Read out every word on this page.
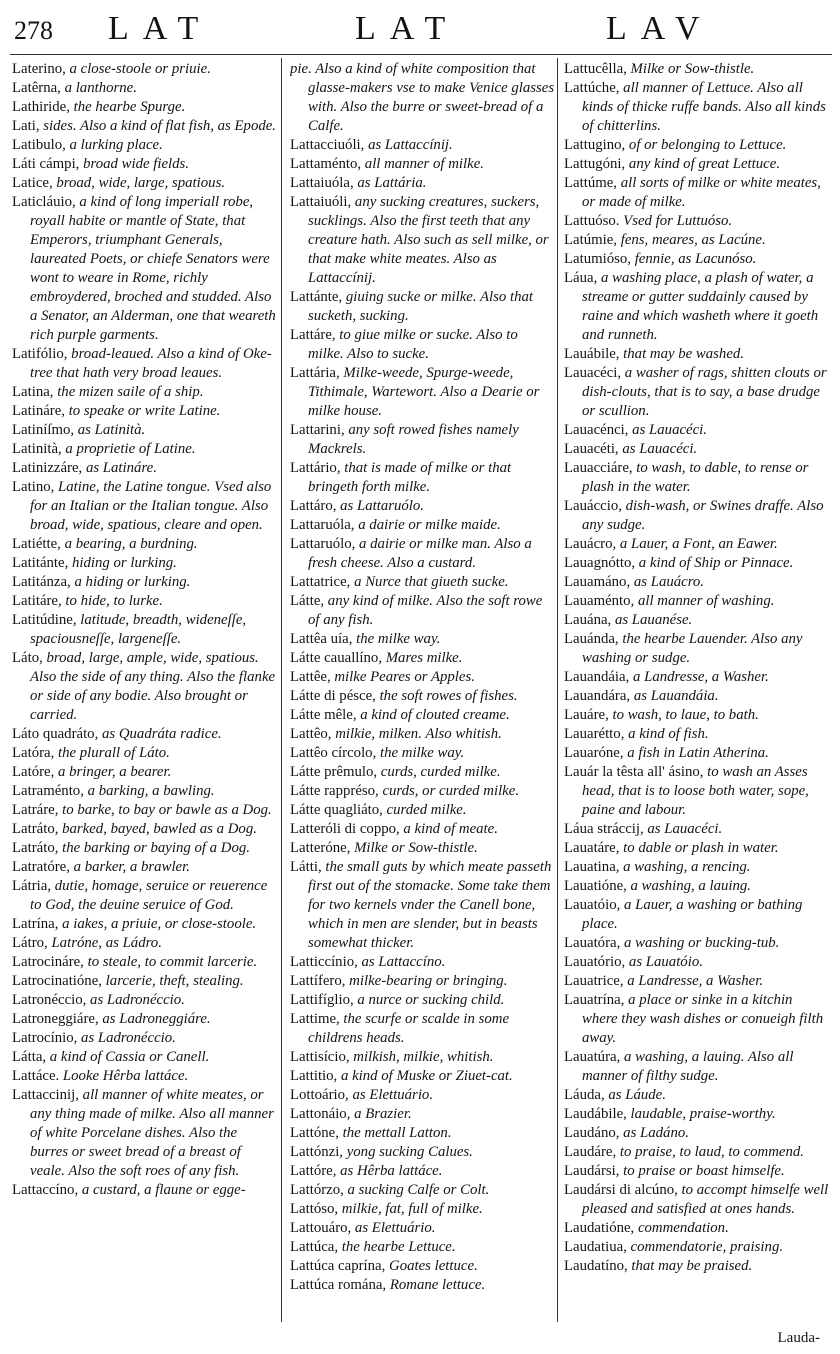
278 LAT	LAT	LAV

Laterino, a close-stoole or priuie.

Latêrna, a lanthorne.

Lathiride, the hearbe Spurge.

Lati, sides. Also a kind of flat fish, as Epode.

Latibulo, a lurking place.

Láti cámpi, broad wide fields.

Latice, broad, wide, large, spatious.

Laticláuio, a kind of long imperiall robe, royall habite or mantle of State, that Emperors, triumphant Generals, laureated Poets, or chiefe Senators were wont to weare in Rome, richly embroydered, broched and studded. Also a Senator, an Alderman, one that weareth rich purple garments.

Latifólio, broad-leaued. Also a kind of Oke-tree that hath very broad leaues.

Latina, the mizen saile of a ship.

Latináre, to speake or write Latine.

Latiníſmo, as Latinità.

Latinità, a proprietie of Latine.

Latinizzáre, as Latináre.

Latino, Latine, the Latine tongue. Vsed also for an Italian or the Italian tongue. Also broad, wide, spatious, cleare and open.

Latiétte, a bearing, a burdning.

Latitánte, hiding or lurking.

Latitánza, a hiding or lurking.

Latitáre, to hide, to lurke.

Latitúdine, latitude, breadth, wideneſſe, spaciousneſſe, largeneſſe.

Láto, broad, large, ample, wide, spatious. Also the side of any thing. Also the flanke or side of any bodie. Also brought or carried.

Láto quadráto, as Quadráta radice.

Latóra, the plurall of Láto.

Latóre, a bringer, a bearer.

Latraménto, a barking, a bawling.

Latráre, to barke, to bay or bawle as a Dog.

Latráto, barked, bayed, bawled as a Dog.

Latráto, the barking or baying of a Dog.

Latratóre, a barker, a brawler.

Látria, dutie, homage, seruice or reuerence to God, the deuine seruice of God.

Latrína, a iakes, a priuie, or close-stoole.

Látro, Latróne, as Ládro.

Latrocináre, to steale, to commit larcerie.

Latrocinatióne, larcerie, theft, stealing.

Latronéccio, as Ladronéccio.

Latroneggiáre, as Ladroneggiáre.

Latrocínio, as Ladronéccio.

Látta, a kind of Cassia or Canell.

Lattáce. Looke Hêrba lattáce.

Lattaccinij, all manner of white meates, or any thing made of milke. Also all manner of white Porcelane dishes. Also the burres or sweet bread of a breast of veale. Also the soft roes of any fish.

Lattaccíno, a custard, a flaune or egge-

pie. Also a kind of white composition that glasse-makers vse to make Venice glasses with. Also the burre or sweet-bread of a Calfe.

Lattacciuóli, as Lattaccínij.

Lattaménto, all manner of milke.

Lattaiuóla, as Lattária.

Lattaiuóli, any sucking creatures, suckers, sucklings. Also the first teeth that any creature hath. Also such as sell milke, or that make white meates. Also as Lattaccínij.

Lattánte, giuing sucke or milke. Also that sucketh, sucking.

Lattáre, to giue milke or sucke. Also to milke. Also to sucke.

Lattária, Milke-weede, Spurge-weede, Tithimale, Wartewort. Also a Dearie or milke house.

Lattarini, any soft rowed fishes namely Mackrels.

Lattário, that is made of milke or that bringeth forth milke.

Lattáro, as Lattaruólo.

Lattaruóla, a dairie or milke maide.

Lattaruólo, a dairie or milke man. Also a fresh cheese. Also a custard.

Lattatrice, a Nurce that giueth sucke.

Látte, any kind of milke. Also the soft rowe of any fish.

Lattêa uía, the milke way.

Látte cauallíno, Mares milke.

Lattêe, milke Peares or Apples.

Látte di pésce, the soft rowes of fishes.

Látte mêle, a kind of clouted creame.

Lattêo, milkie, milken. Also whitish.

Lattêo círcolo, the milke way.

Látte prêmulo, curds, curded milke.

Látte rappréso, curds, or curded milke.

Látte quagliáto, curded milke.

Latteróli di coppo, a kind of meate.

Latteróne, Milke or Sow-thistle.

Látti, the small guts by which meate passeth first out of the stomacke. Some take them for two kernels vnder the Canell bone, which in men are slender, but in beasts somewhat thicker.

Latticcínio, as Lattaccíno.

Lattífero, milke-bearing or bringing.

Lattifíglio, a nurce or sucking child.

Lattime, the scurfe or scalde in some childrens heads.

Lattisício, milkish, milkie, whitish.

Lattitio, a kind of Muske or Ziuet-cat.

Lottoário, as Elettuário.

Lattonáio, a Brazier.

Lattóne, the mettall Latton.

Lattónzi, yong sucking Calues.

Lattóre, as Hêrba lattáce.

Lattórzo, a sucking Calfe or Colt.

Lattóso, milkie, fat, full of milke.

Lattouáro, as Elettuário.

Lattúca, the hearbe Lettuce.

Lattúca caprína, Goates lettuce.

Lattúca románа, Romane lettuce.

Lattucêlla, Milke or Sow-thistle.

Lattúche, all manner of Lettuce. Also all kinds of thicke ruffe bands. Also all kinds of chitterlins.

Lattugino, of or belonging to Lettuce.

Lattugóni, any kind of great Lettuce.

Lattúme, all sorts of milke or white meates, or made of milke.

Lattuóso. Vsed for Luttuóso.

Latúmie, fens, meares, as Lacúne.

Latumióso, fennie, as Lacunóso.

Láua, a washing place, a plash of water, a streame or gutter suddainly caused by raine and which washeth where it goeth and runneth.

Lauábile, that may be washed.

Lauacéci, a washer of rags, shitten clouts or dish-clouts, that is to say, a base drudge or scullion.

Lauacénci, as Lauacéci.

Lauacéti, as Lauacéci.

Lauacciáre, to wash, to dable, to rense or plash in the water.

Lauáccio, dish-wash, or Swines draffe. Also any sudge.

Lauácro, a Lauer, a Font, an Eawer.

Lauagnótto, a kind of Ship or Pinnace.

Lauamáno, as Lauácro.

Lauaménto, all manner of washing.

Lauána, as Lauanése.

Lauánda, the hearbe Lauender. Also any washing or sudge.

Lauandáia, a Landresse, a Washer.

Lauandára, as Lauandáia.

Lauáre, to wash, to laue, to bath.

Lauarétto, a kind of fish.

Lauaróne, a fish in Latin Atherina.

Lauár la têsta all' ásino, to wash an Asses head, that is to loose both water, sope, paine and labour.

Láua stráccij, as Lauacéci.

Lauatáre, to dable or plash in water.

Lauatina, a washing, a rencing.

Lauatióne, a washing, a lauing.

Lauatóio, a Lauer, a washing or bathing place.

Lauatóra, a washing or bucking-tub.

Lauatório, as Lauatóio.

Lauatrice, a Landresse, a Washer.

Lauatrína, a place or sinke in a kitchin where they wash dishes or conueigh filth away.

Lauatúra, a washing, a lauing. Also all manner of filthy sudge.

Láuda, as Láude.

Laudábile, laudable, praise-worthy.

Laudáno, as Ladáno.

Laudáre, to praise, to laud, to commend.

Laudársi, to praise or boast himselfe.

Laudársi di alcúno, to accompt himselfe well pleased and satisfied at ones hands.

Laudatióne, commendation.

Laudatiua, commendatorie, praising.

Laudatíno, that may be praised.

Lauda-
